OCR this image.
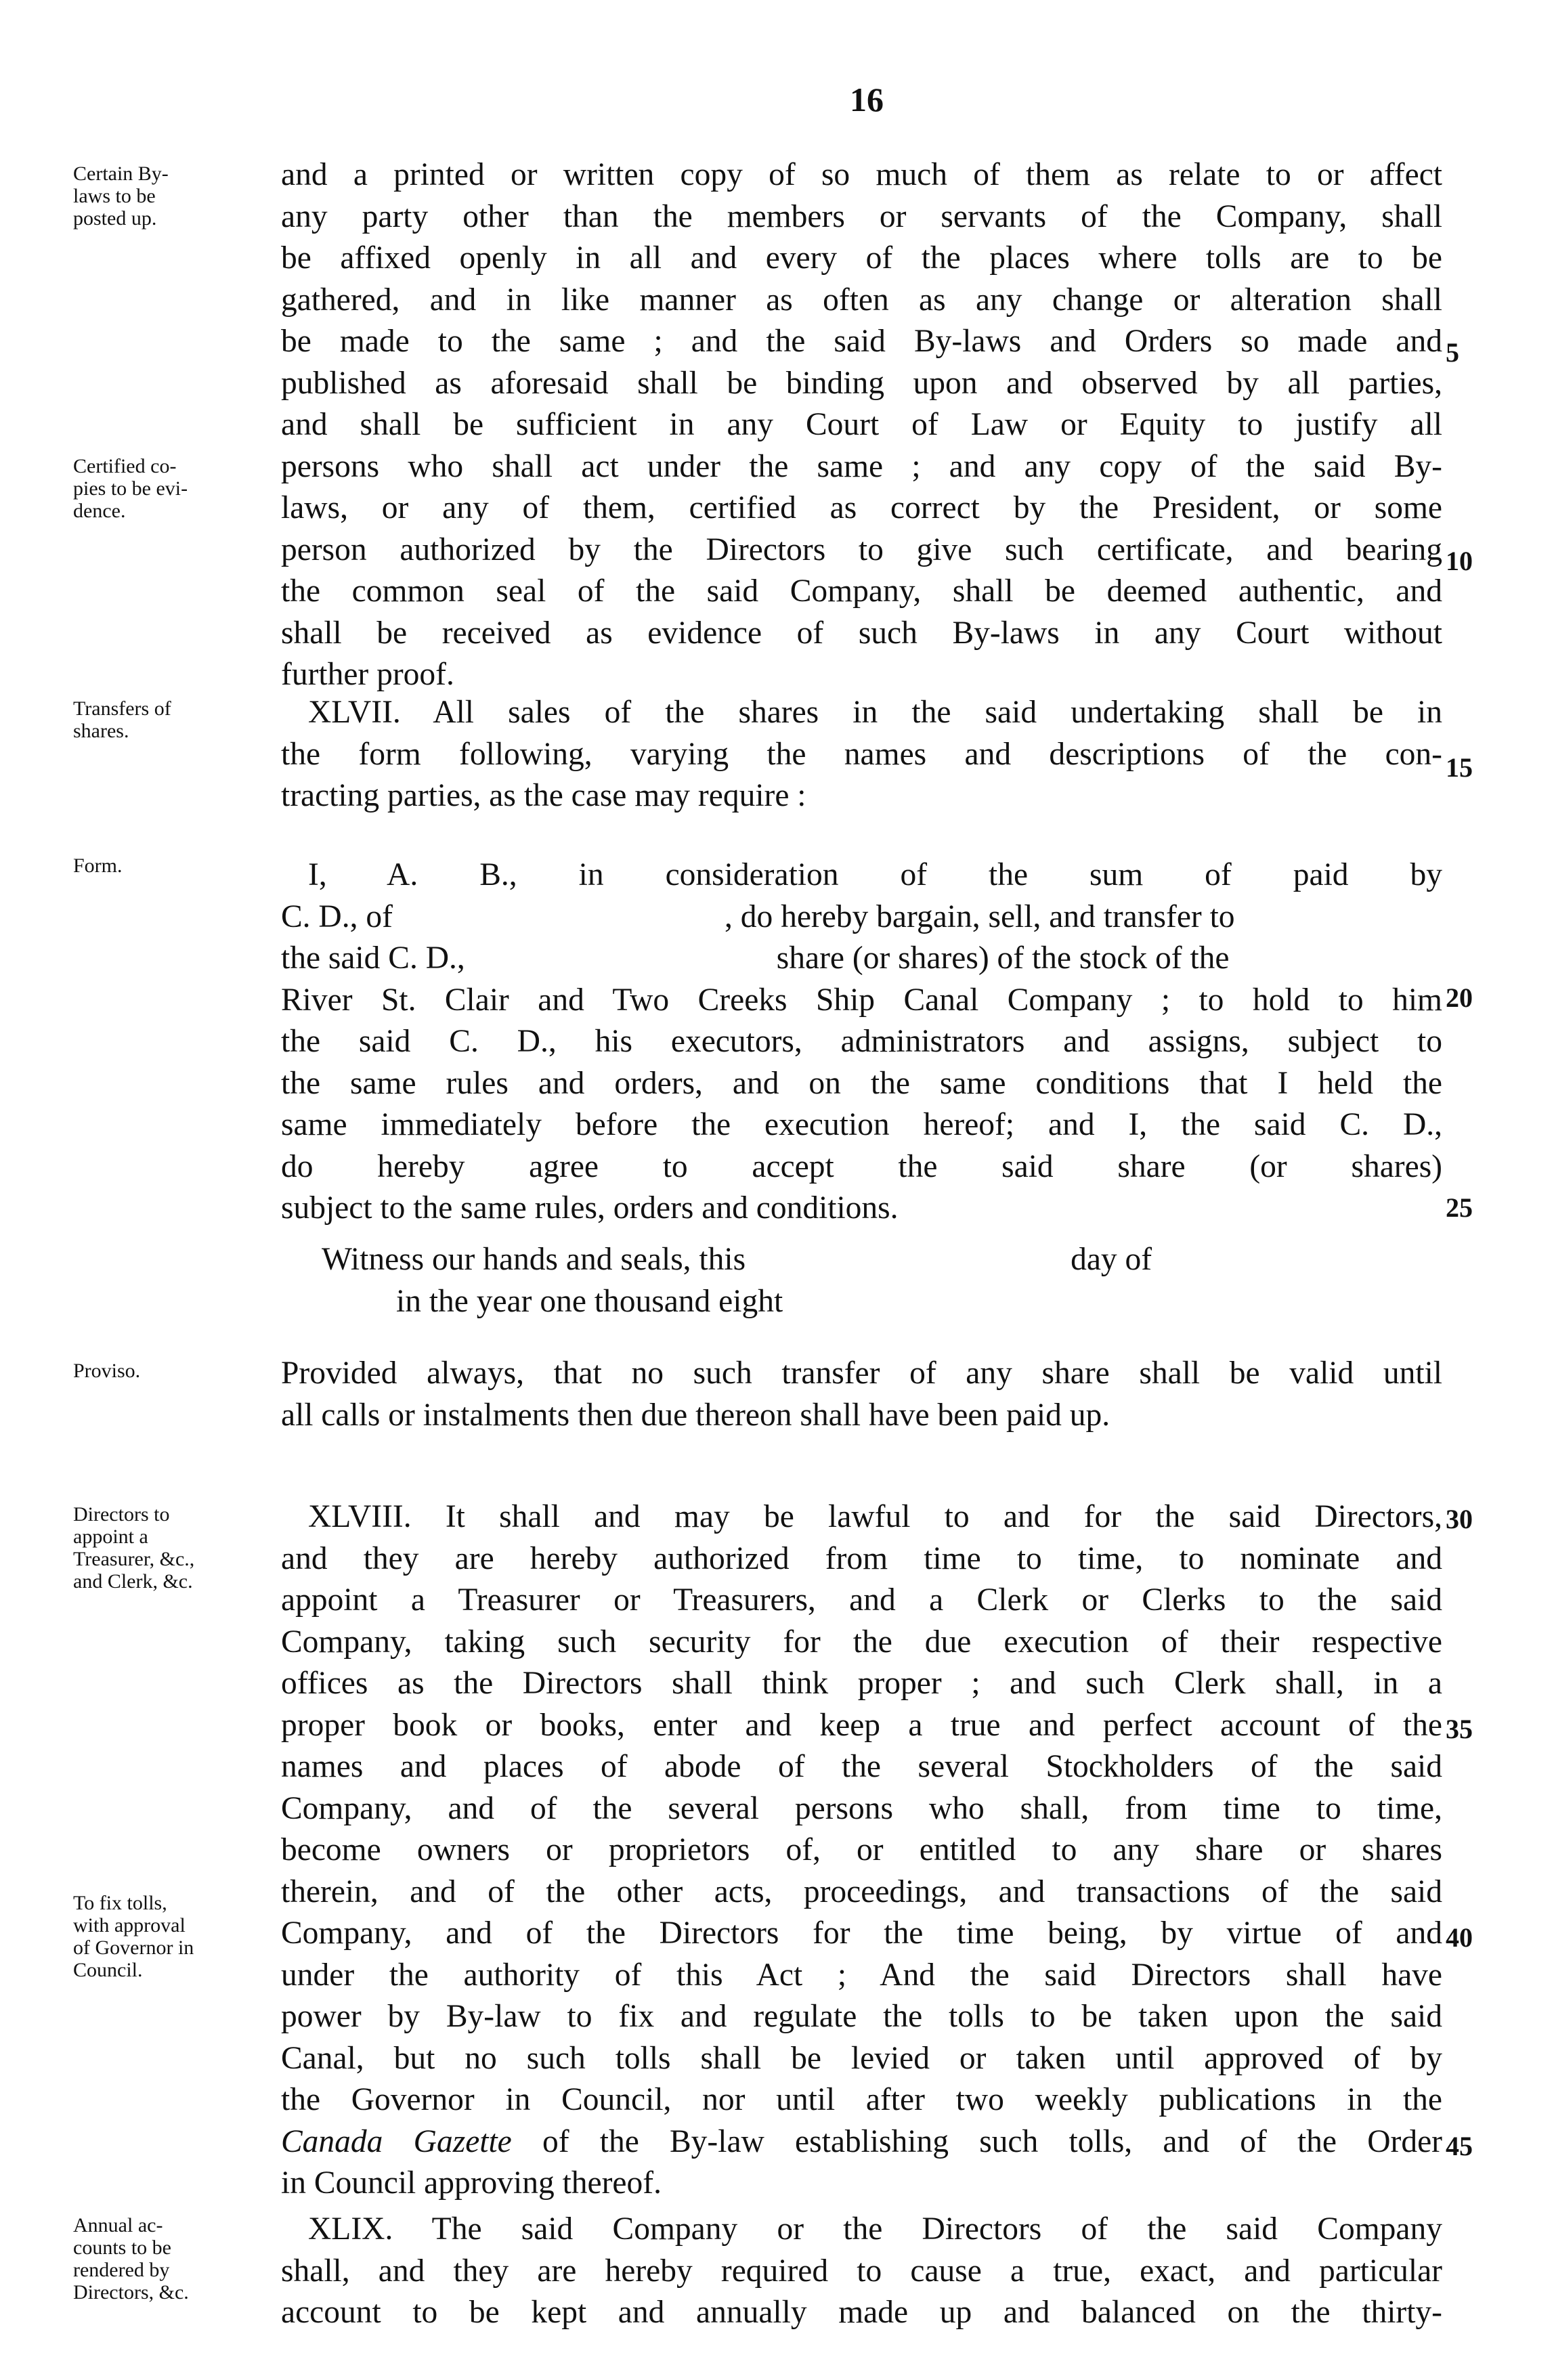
16
Certain By-
laws to be
posted up.
Certified co-
pies to be evi-
dence.
Transfers of
shares.
Form.
Proviso.
Directors to
appoint a
Treasurer, &c.,
and Clerk, &c.
To fix tolls,
with approval
of Governor in
Council.
Annual ac-
counts to be
rendered by
Directors, &c.
5
10
15
20
25
30
35
40
45
and a printed or written copy of so much of them as relate to or affect
any party other than the members or servants of the Company, shall
be affixed openly in all and every of the places where tolls are to be
gathered, and in like manner as often as any change or alteration shall
be made to the same ; and the said By-laws and Orders so made and
published as aforesaid shall be binding upon and observed by all parties,
and shall be sufficient in any Court of Law or Equity to justify all
persons who shall act under the same ; and any copy of the said By-
laws, or any of them, certified as correct by the President, or some
person authorized by the Directors to give such certificate, and bearing
the common seal of the said Company, shall be deemed authentic, and
shall be received as evidence of such By-laws in any Court without
further proof.
XLVII. All sales of the shares in the said undertaking shall be in
the form following, varying the names and descriptions of the con-
tracting parties, as the case may require :
I, A. B., in consideration of the sum of paid by
C. D., of	, do hereby bargain, sell, and transfer to
the said C. D.,	share (or shares) of the stock of the
River St. Clair and Two Creeks Ship Canal Company ; to hold to him
the said C. D., his executors, administrators and assigns, subject to
the same rules and orders, and on the same conditions that I held the
same immediately before the execution hereof; and I, the said C. D.,
do hereby agree to accept the said share (or shares)
subject to the same rules, orders and conditions.
Witness our hands and seals, this	day of
in the year one thousand eight
Provided always, that no such transfer of any share shall be valid until
all calls or instalments then due thereon shall have been paid up.
XLVIII. It shall and may be lawful to and for the said Directors,
and they are hereby authorized from time to time, to nominate and
appoint a Treasurer or Treasurers, and a Clerk or Clerks to the said
Company, taking such security for the due execution of their respective
offices as the Directors shall think proper ; and such Clerk shall, in a
proper book or books, enter and keep a true and perfect account of the
names and places of abode of the several Stockholders of the said
Company, and of the several persons who shall, from time to time,
become owners or proprietors of, or entitled to any share or shares
therein, and of the other acts, proceedings, and transactions of the said
Company, and of the Directors for the time being, by virtue of and
under the authority of this Act ; And the said Directors shall have
power by By-law to fix and regulate the tolls to be taken upon the said
Canal, but no such tolls shall be levied or taken until approved of by
the Governor in Council, nor until after two weekly publications in the
Canada Gazette of the By-law establishing such tolls, and of the Order
in Council approving thereof.
XLIX. The said Company or the Directors of the said Company
shall, and they are hereby required to cause a true, exact, and particular
account to be kept and annually made up and balanced on the thirty-
